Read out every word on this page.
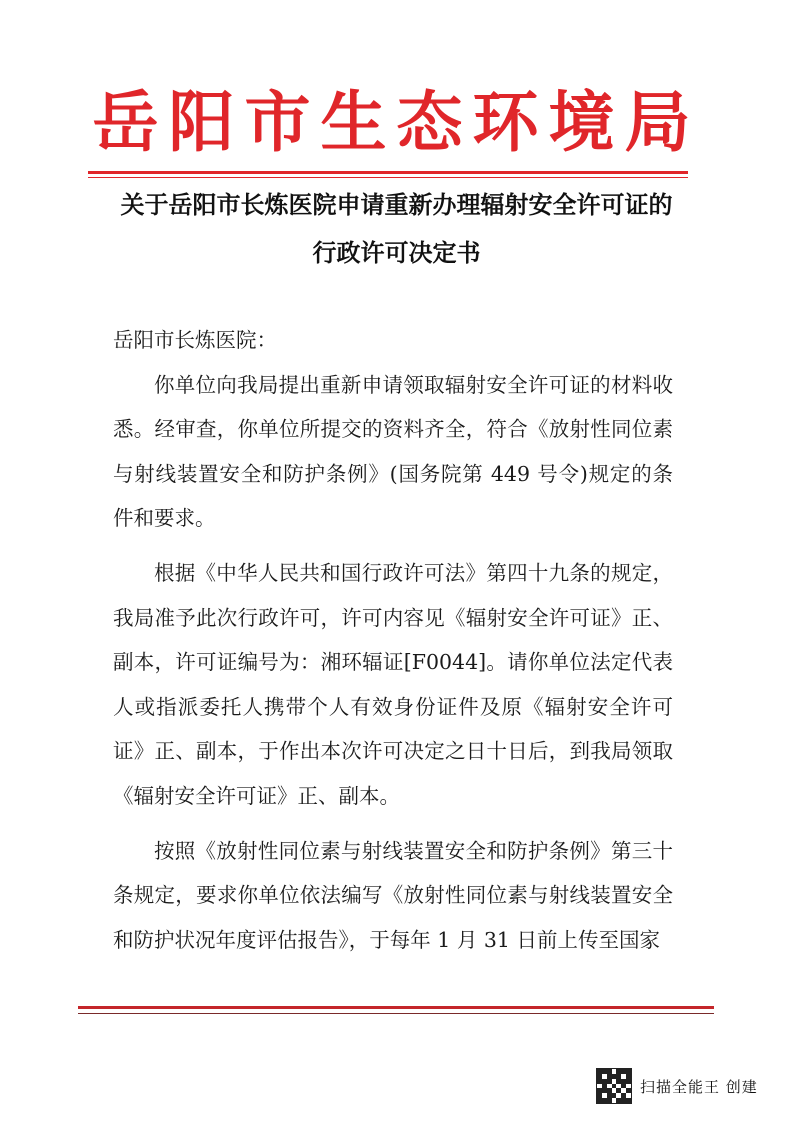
岳阳市生态环境局
关于岳阳市长炼医院申请重新办理辐射安全许可证的
行政许可决定书

岳阳市长炼医院：

你单位向我局提出重新申请领取辐射安全许可证的材料收悉。经审查，你单位所提交的资料齐全，符合《放射性同位素与射线装置安全和防护条例》(国务院第 449 号令)规定的条件和要求。

根据《中华人民共和国行政许可法》第四十九条的规定，我局准予此次行政许可，许可内容见《辐射安全许可证》正、副本，许可证编号为：湘环辐证[F0044]。请你单位法定代表人或指派委托人携带个人有效身份证件及原《辐射安全许可证》正、副本，于作出本次许可决定之日十日后，到我局领取《辐射安全许可证》正、副本。

按照《放射性同位素与射线装置安全和防护条例》第三十条规定，要求你单位依法编写《放射性同位素与射线装置安全和防护状况年度评估报告》，于每年 1 月 31 日前上传至国家

扫描全能王 创建
